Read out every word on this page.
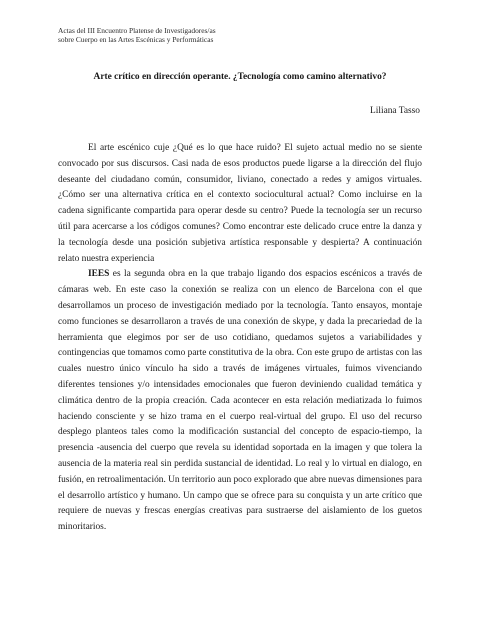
Actas del III Encuentro Platense de Investigadores/as
sobre Cuerpo en las Artes Escénicas y Performáticas
Arte crítico en dirección operante. ¿Tecnología como camino alternativo?
Liliana Tasso

El arte escénico cuje ¿Qué es lo que hace ruido? El sujeto actual medio no se siente convocado por sus discursos. Casi nada de esos productos puede ligarse a la dirección del flujo deseante del ciudadano común, consumidor, liviano, conectado a redes y amigos virtuales. ¿Cómo ser una alternativa crítica en el contexto sociocultural actual? Como incluirse en la cadena significante compartida para operar desde su centro? Puede la tecnología ser un recurso útil para acercarse a los códigos comunes? Como encontrar este delicado cruce entre la danza y la tecnología desde una posición subjetiva artística responsable y despierta? A continuación relato nuestra experiencia

IEES es la segunda obra en la que trabajo ligando dos espacios escénicos a través de cámaras web. En este caso la conexión se realiza con un elenco de Barcelona con el que desarrollamos un proceso de investigación mediado por la tecnología. Tanto ensayos, montaje como funciones se desarrollaron a través de una conexión de skype, y dada la precariedad de la herramienta que elegimos por ser de uso cotidiano, quedamos sujetos a variabilidades y contingencias que tomamos como parte constitutiva de la obra. Con este grupo de artistas con las cuales nuestro único vínculo ha sido a través de imágenes virtuales, fuimos vivenciando diferentes tensiones y/o intensidades emocionales que fueron deviniendo cualidad temática y climática dentro de la propia creación. Cada acontecer en esta relación mediatizada lo fuimos haciendo consciente y se hizo trama en el cuerpo real-virtual del grupo. El uso del recurso desplego planteos tales como la modificación sustancial del concepto de espacio-tiempo, la presencia -ausencia del cuerpo que revela su identidad soportada en la imagen y que tolera la ausencia de la materia real sin perdida sustancial de identidad. Lo real y lo virtual en dialogo, en fusión, en retroalimentación. Un territorio aun poco explorado que abre nuevas dimensiones para el desarrollo artístico y humano. Un campo que se ofrece para su conquista y un arte crítico que requiere de nuevas y frescas energías creativas para sustraerse del aislamiento de los guetos minoritarios.
